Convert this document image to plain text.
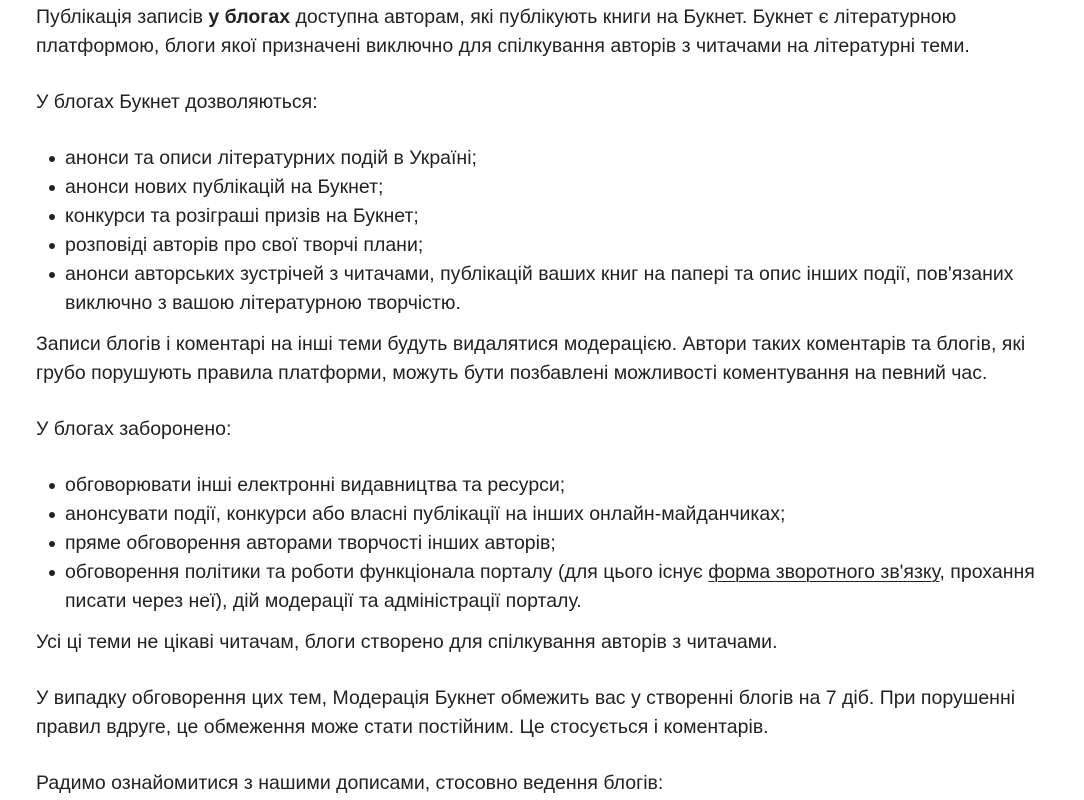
Публікація записів у блогах доступна авторам, які публікують книги на Букнет. Букнет є літературною платформою, блоги якої призначені виключно для спілкування авторів з читачами на літературні теми.

У блогах Букнет дозволяються:

анонси та описи літературних подій в Україні;
анонси нових публікацій на Букнет;
конкурси та розіграші призів на Букнет;
розповіді авторів про свої творчі плани;
анонси авторських зустрічей з читачами, публікацій ваших книг на папері та опис інших події, пов'язаних виключно з вашою літературною творчістю.

Записи блогів і коментарі на інші теми будуть видалятися модерацією. Автори таких коментарів та блогів, які грубо порушують правила платформи, можуть бути позбавлені можливості коментування на певний час.

У блогах заборонено:

обговорювати інші електронні видавництва та ресурси;
анонсувати події, конкурси або власні публікації на інших онлайн-майданчиках;
пряме обговорення авторами творчості інших авторів;
обговорення політики та роботи функціонала порталу (для цього існує форма зворотного зв'язку, прохання писати через неї), дій модерації та адміністрації порталу.

Усі ці теми не цікаві читачам, блоги створено для спілкування авторів з читачами.

У випадку обговорення цих тем, Модерація Букнет обмежить вас у створенні блогів на 7 діб. При порушенні правил вдруге, це обмеження може стати постійним. Це стосується і коментарів.

Радимо ознайомитися з нашими дописами, стосовно ведення блогів:
